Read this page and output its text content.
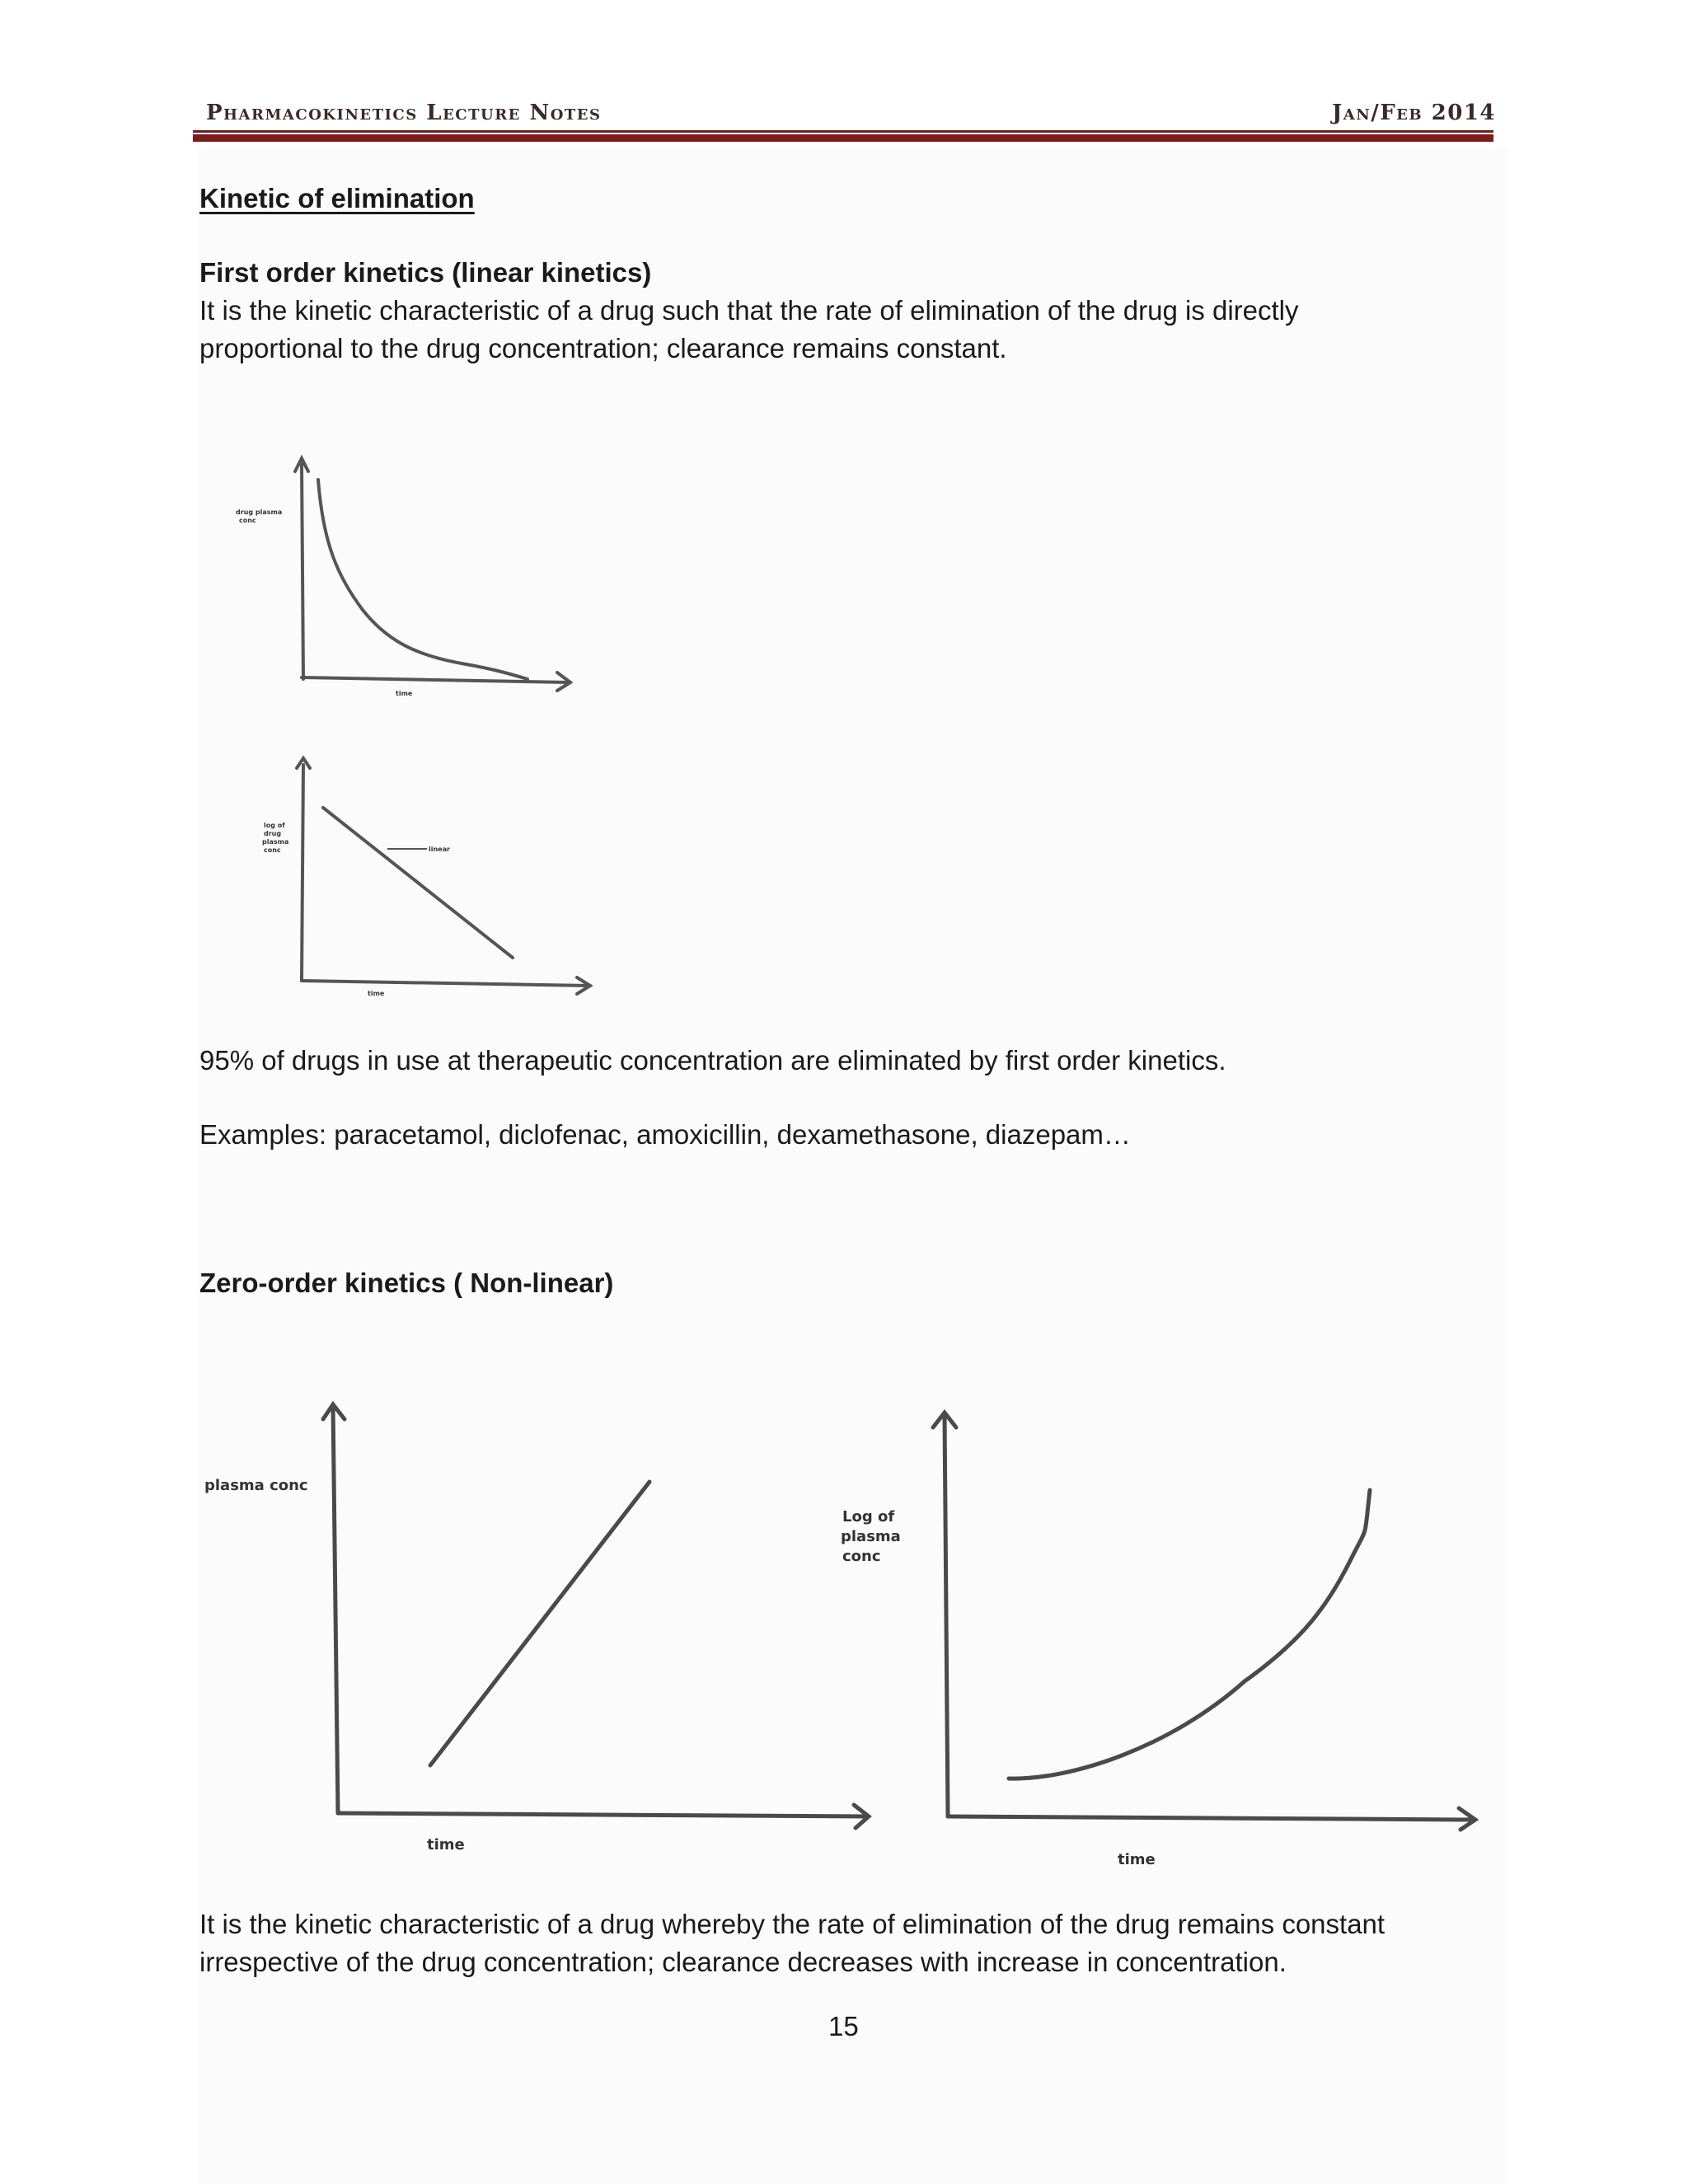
Pharmacokinetics Lecture Notes	Jan/Feb 2014
Kinetic of elimination
First order kinetics (linear kinetics)
It is the kinetic characteristic of a drug such that the rate of elimination of the drug is directly
proportional to the drug concentration; clearance remains constant.
drug plasma
conc
time
log of
drug
plasma
conc	linear
time
95% of drugs in use at therapeutic concentration are eliminated by first order kinetics.
Examples: paracetamol, diclofenac, amoxicillin, dexamethasone, diazepam…
Zero-order kinetics ( Non-linear)
plasma conc
time
Log of
plasma
conc
time
It is the kinetic characteristic of a drug whereby the rate of elimination of the drug remains constant
irrespective of the drug concentration; clearance decreases with increase in concentration.
15
